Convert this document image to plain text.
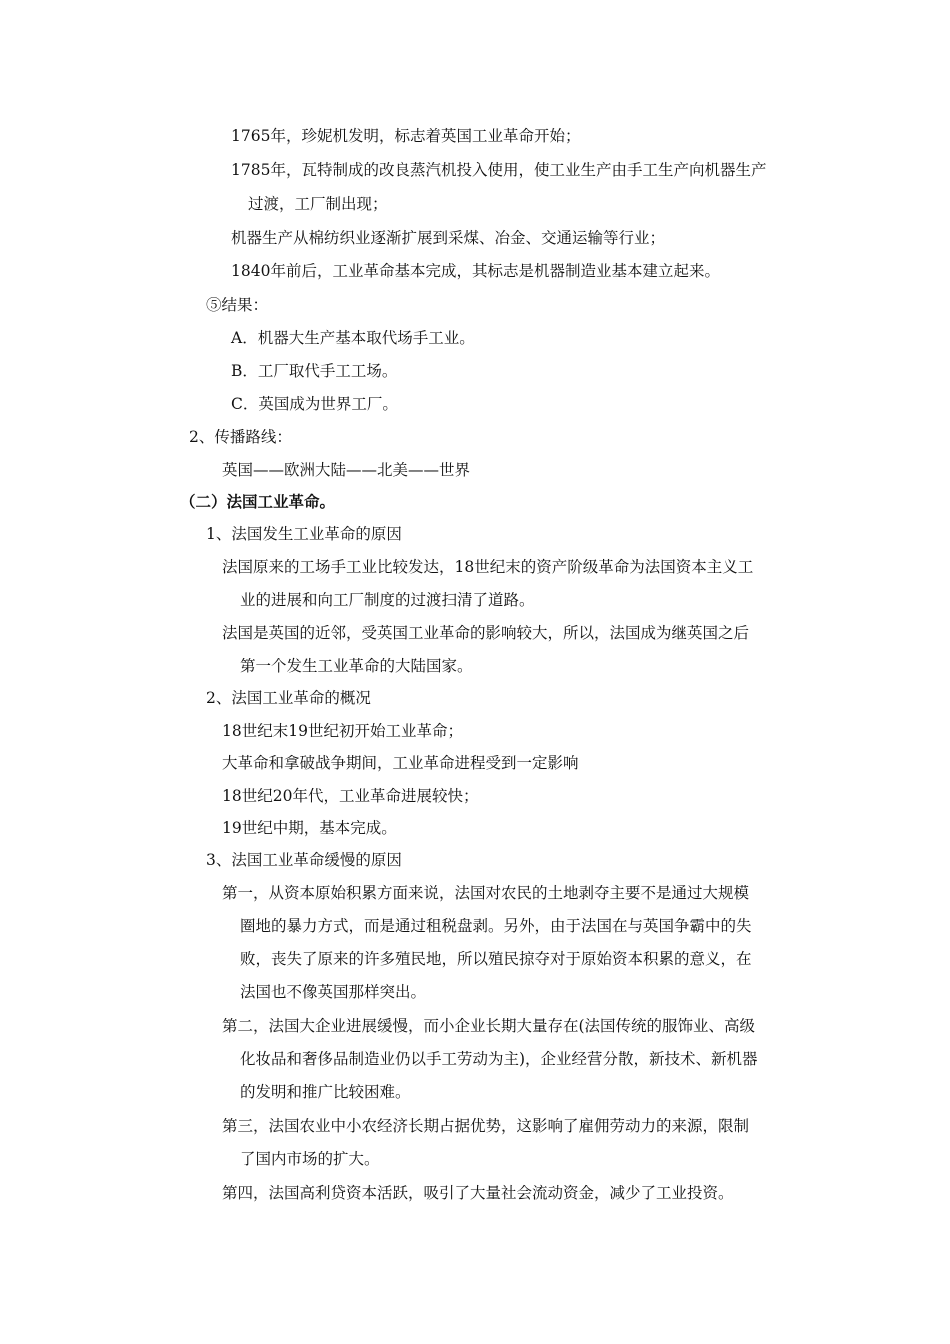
1765年，珍妮机发明，标志着英国工业革命开始；
1785年，瓦特制成的改良蒸汽机投入使用，使工业生产由手工生产向机器生产
过渡，工厂制出现；
机器生产从棉纺织业逐渐扩展到采煤、冶金、交通运输等行业；
1840年前后，工业革命基本完成，其标志是机器制造业基本建立起来。
⑤结果：
A．机器大生产基本取代场手工业。
B．工厂取代手工工场。
C．英国成为世界工厂。
2、传播路线：
英国——欧洲大陆——北美——世界
（二）法国工业革命。
1、法国发生工业革命的原因
法国原来的工场手工业比较发达，18世纪末的资产阶级革命为法国资本主义工
业的进展和向工厂制度的过渡扫清了道路。
法国是英国的近邻，受英国工业革命的影响较大，所以，法国成为继英国之后
第一个发生工业革命的大陆国家。
2、法国工业革命的概况
18世纪末19世纪初开始工业革命；
大革命和拿破战争期间，工业革命进程受到一定影响
18世纪20年代，工业革命进展较快；
19世纪中期，基本完成。
3、法国工业革命缓慢的原因
第一，从资本原始积累方面来说，法国对农民的土地剥夺主要不是通过大规模
圈地的暴力方式，而是通过租税盘剥。另外，由于法国在与英国争霸中的失
败，丧失了原来的许多殖民地，所以殖民掠夺对于原始资本积累的意义，在
法国也不像英国那样突出。
第二，法国大企业进展缓慢，而小企业长期大量存在(法国传统的服饰业、高级
化妆品和奢侈品制造业仍以手工劳动为主)，企业经营分散，新技术、新机器
的发明和推广比较困难。
第三，法国农业中小农经济长期占据优势，这影响了雇佣劳动力的来源，限制
了国内市场的扩大。
第四，法国高利贷资本活跃，吸引了大量社会流动资金，减少了工业投资。
